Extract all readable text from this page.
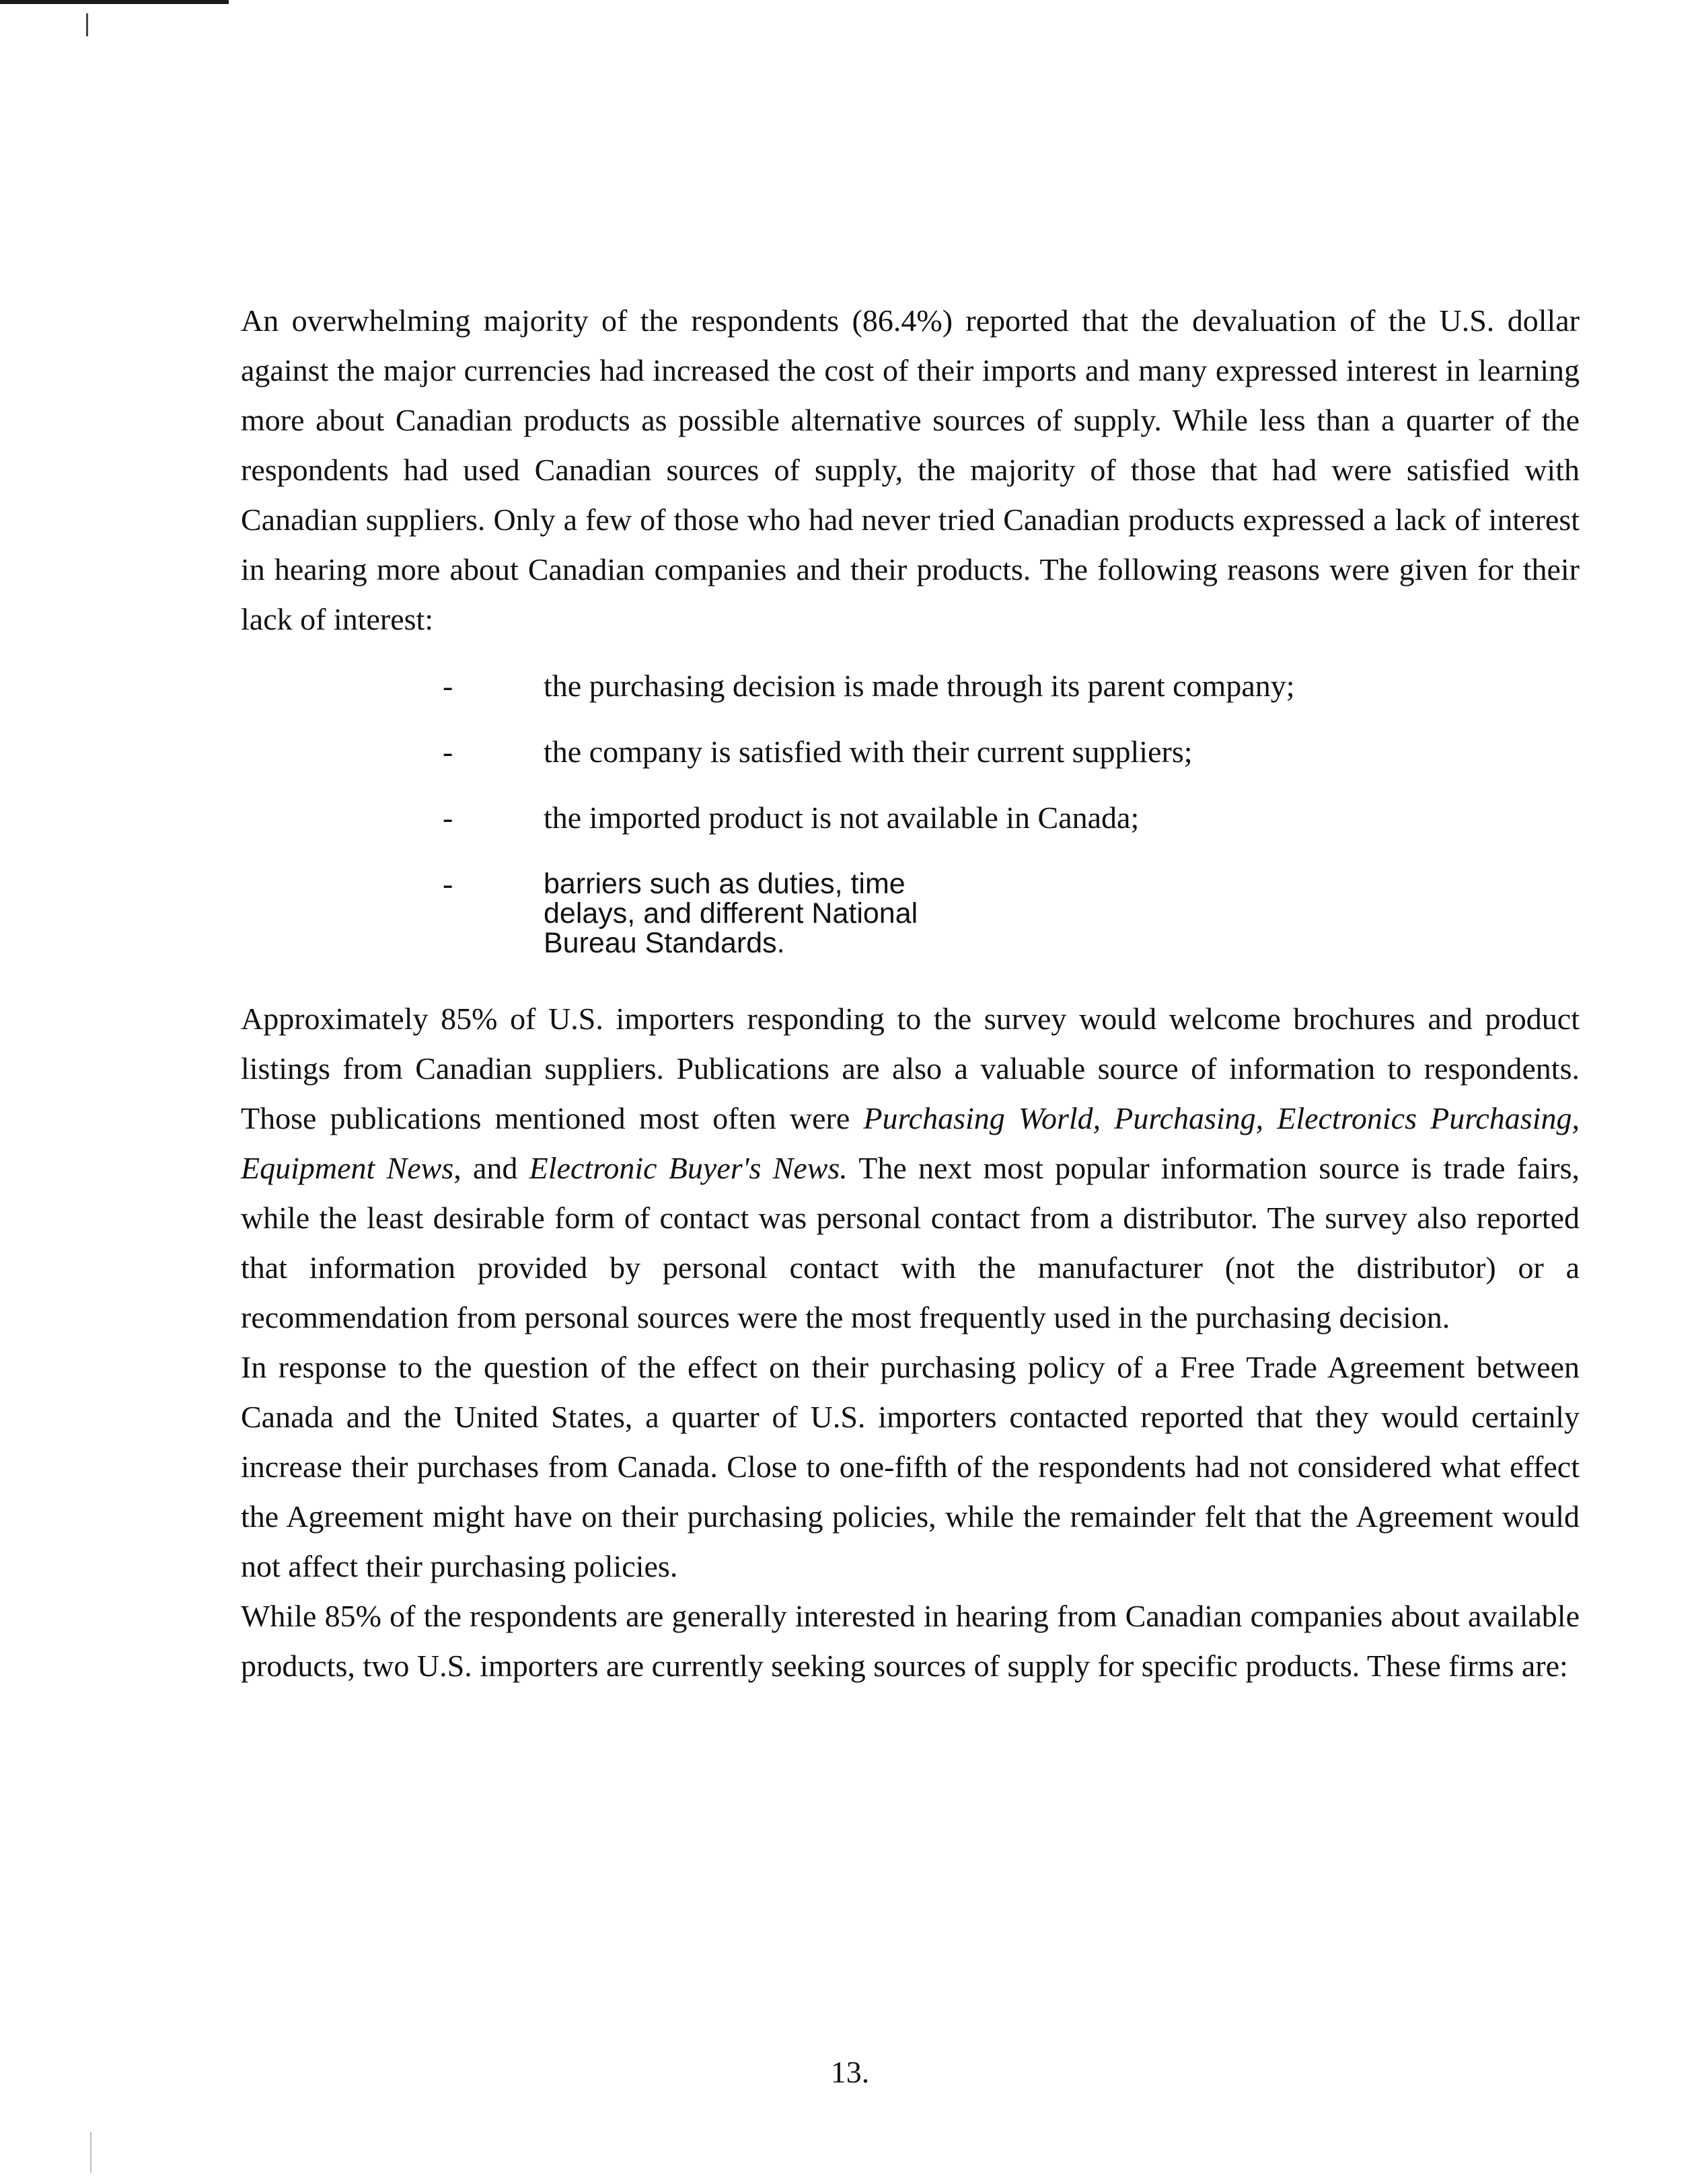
An overwhelming majority of the respondents (86.4%) reported that the devaluation of the U.S. dollar against the major currencies had increased the cost of their imports and many expressed interest in learning more about Canadian products as possible alternative sources of supply. While less than a quarter of the respondents had used Canadian sources of supply, the majority of those that had were satisfied with Canadian suppliers. Only a few of those who had never tried Canadian products expressed a lack of interest in hearing more about Canadian companies and their products. The following reasons were given for their lack of interest:

-	the purchasing decision is made through its parent company;
-	the company is satisfied with their current suppliers;
-	the imported product is not available in Canada;
-	barriers such as duties, time delays, and different National Bureau Standards.

Approximately 85% of U.S. importers responding to the survey would welcome brochures and product listings from Canadian suppliers. Publications are also a valuable source of information to respondents. Those publications mentioned most often were Purchasing World, Purchasing, Electronics Purchasing, Equipment News, and Electronic Buyer's News. The next most popular information source is trade fairs, while the least desirable form of contact was personal contact from a distributor. The survey also reported that information provided by personal contact with the manufacturer (not the distributor) or a recommendation from personal sources were the most frequently used in the purchasing decision.

In response to the question of the effect on their purchasing policy of a Free Trade Agreement between Canada and the United States, a quarter of U.S. importers contacted reported that they would certainly increase their purchases from Canada. Close to one-fifth of the respondents had not considered what effect the Agreement might have on their purchasing policies, while the remainder felt that the Agreement would not affect their purchasing policies.

While 85% of the respondents are generally interested in hearing from Canadian companies about available products, two U.S. importers are currently seeking sources of supply for specific products. These firms are:

13.
